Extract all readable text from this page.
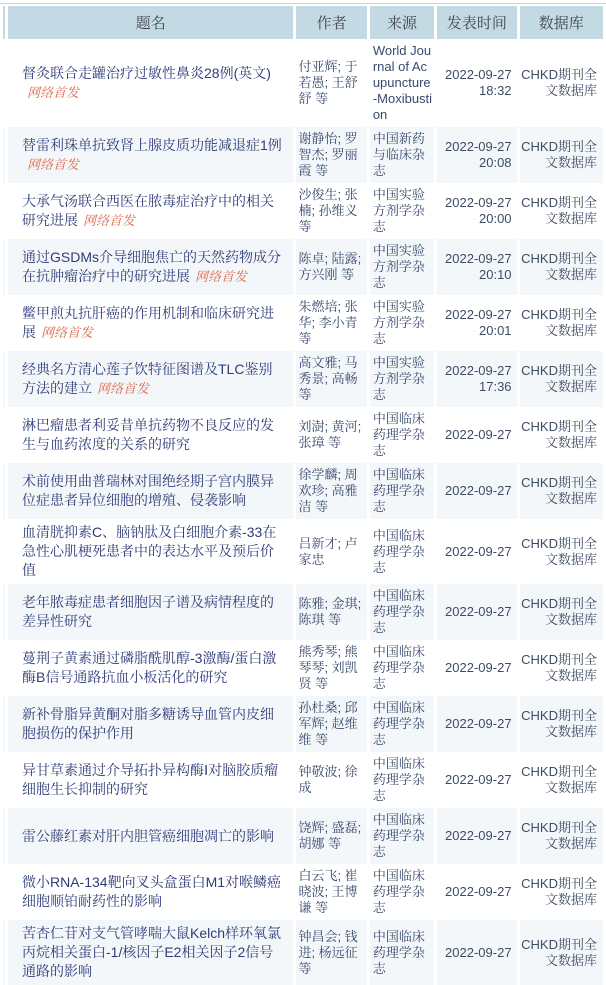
	题名	作者	来源	发表时间	数据库
	督灸联合走罐治疗过敏性鼻炎28例(英文)网络首发	付亚辉; 于若愚; 王舒舒 等	World Journal of Acupuncture-Moxibustion	2022-09-27 18:32	CHKD期刊全文数据库
	替雷利珠单抗致肾上腺皮质功能减退症1例网络首发	谢静怡; 罗智杰; 罗丽霞 等	中国新药与临床杂志	2022-09-27 20:08	CHKD期刊全文数据库
	大承气汤联合西医在脓毒症治疗中的相关研究进展 网络首发	沙俊生; 张楠; 孙维义 等	中国实验方剂学杂志	2022-09-27 20:00	CHKD期刊全文数据库
	通过GSDMs介导细胞焦亡的天然药物成分在抗肿瘤治疗中的研究进展 网络首发	陈卓; 陆露; 方兴刚 等	中国实验方剂学杂志	2022-09-27 20:10	CHKD期刊全文数据库
	鳖甲煎丸抗肝癌的作用机制和临床研究进展 网络首发	朱燃培; 张华; 李小青 等	中国实验方剂学杂志	2022-09-27 20:01	CHKD期刊全文数据库
	经典名方清心莲子饮特征图谱及TLC鉴别方法的建立 网络首发	高文雅; 马秀景; 高畅 等	中国实验方剂学杂志	2022-09-27 17:36	CHKD期刊全文数据库
	淋巴瘤患者利妥昔单抗药物不良反应的发生与血药浓度的关系的研究	刘澍; 黄河; 张璋 等	中国临床药理学杂志	2022-09-27	CHKD期刊全文数据库
	术前使用曲普瑞林对围绝经期子宫内膜异位症患者异位细胞的增殖、侵袭影响	徐学麟; 周欢珍; 高雅洁 等	中国临床药理学杂志	2022-09-27	CHKD期刊全文数据库
	血清胱抑素C、脑钠肽及白细胞介素-33在急性心肌梗死患者中的表达水平及预后价值	吕新才; 卢家忠	中国临床药理学杂志	2022-09-27	CHKD期刊全文数据库
	老年脓毒症患者细胞因子谱及病情程度的差异性研究	陈雅; 金琪; 陈琪 等	中国临床药理学杂志	2022-09-27	CHKD期刊全文数据库
	蔓荆子黄素通过磷脂酰肌醇-3激酶/蛋白激酶B信号通路抗血小板活化的研究	熊秀琴; 熊琴琴; 刘凯贤 等	中国临床药理学杂志	2022-09-27	CHKD期刊全文数据库
	新补骨脂异黄酮对脂多糖诱导血管内皮细胞损伤的保护作用	孙杜桑; 邱军辉; 赵维维 等	中国临床药理学杂志	2022-09-27	CHKD期刊全文数据库
	异甘草素通过介导拓扑异构酶Ⅰ对脑胶质瘤细胞生长抑制的研究	钟敬波; 徐成	中国临床药理学杂志	2022-09-27	CHKD期刊全文数据库
	雷公藤红素对肝内胆管癌细胞凋亡的影响	饶辉; 盛磊; 胡娜 等	中国临床药理学杂志	2022-09-27	CHKD期刊全文数据库
	微小RNA-134靶向叉头盒蛋白M1对喉鳞癌细胞顺铂耐药性的影响	白云飞; 崔晓波; 王博谦 等	中国临床药理学杂志	2022-09-27	CHKD期刊全文数据库
	苦杏仁苷对支气管哮喘大鼠Kelch样环氧氯丙烷相关蛋白-1/核因子E2相关因子2信号通路的影响	钟昌会; 钱进; 杨远征 等	中国临床药理学杂志	2022-09-27	CHKD期刊全文数据库
